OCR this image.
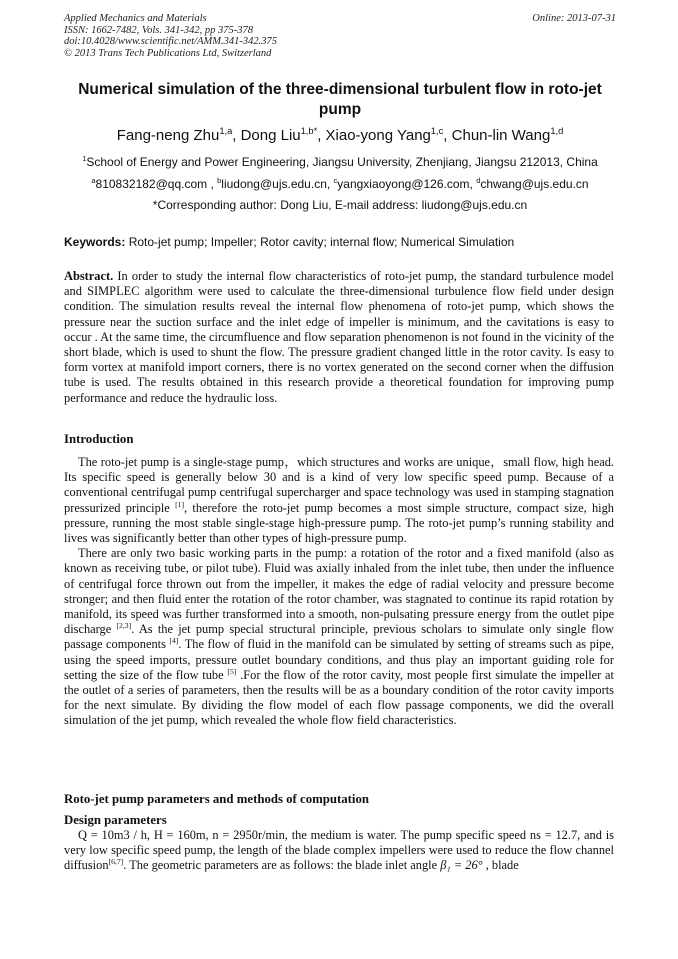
Applied Mechanics and Materials
ISSN: 1662-7482, Vols. 341-342, pp 375-378
doi:10.4028/www.scientific.net/AMM.341-342.375
© 2013 Trans Tech Publications Ltd, Switzerland
Online: 2013-07-31
Numerical simulation of the three-dimensional turbulent flow in roto-jet pump
Fang-neng Zhu$^{1,a}$, Dong Liu$^{1,b*}$, Xiao-yong Yang$^{1,c}$, Chun-lin Wang$^{1,d}$
$^1$School of Energy and Power Engineering, Jiangsu University, Zhenjiang, Jiangsu 212013, China
$^a$810832182@qq.com , $^b$liudong@ujs.edu.cn, $^c$yangxiaoyong@126.com, $^d$chwang@ujs.edu.cn
*Corresponding author: Dong Liu, E-mail address: liudong@ujs.edu.cn
Keywords: Roto-jet pump; Impeller; Rotor cavity; internal flow; Numerical Simulation

Abstract. In order to study the internal flow characteristics of roto-jet pump, the standard turbulence model and SIMPLEC algorithm were used to calculate the three-dimensional turbulence flow field under design condition. The simulation results reveal the internal flow phenomena of roto-jet pump, which shows the pressure near the suction surface and the inlet edge of impeller is minimum, and the cavitations is easy to occur . At the same time, the circumfluence and flow separation phenomenon is not found in the vicinity of the short blade, which is used to shunt the flow. The pressure gradient changed little in the rotor cavity. Is easy to form vortex at manifold import corners, there is no vortex generated on the second corner when the diffusion tube is used. The results obtained in this research provide a theoretical foundation for improving pump performance and reduce the hydraulic loss.

Introduction

The roto-jet pump is a single-stage pump，which structures and works are unique，small flow, high head. Its specific speed is generally below 30 and is a kind of very low specific speed pump. Because of a conventional centrifugal pump centrifugal supercharger and space technology was used in stamping stagnation pressurized principle [1], therefore the roto-jet pump becomes a most simple structure, compact size, high pressure, running the most stable single-stage high-pressure pump. The roto-jet pump’s running stability and lives was significantly better than other types of high-pressure pump.

There are only two basic working parts in the pump: a rotation of the rotor and a fixed manifold (also as known as receiving tube, or pilot tube). Fluid was axially inhaled from the inlet tube, then under the influence of centrifugal force thrown out from the impeller, it makes the edge of radial velocity and pressure become stronger; and then fluid enter the rotation of the rotor chamber, was stagnated to continue its rapid rotation by manifold, its speed was further transformed into a smooth, non-pulsating pressure energy from the outlet pipe discharge [2,3]. As the jet pump special structural principle, previous scholars to simulate only single flow passage components [4]. The flow of fluid in the manifold can be simulated by setting of streams such as pipe, using the speed imports, pressure outlet boundary conditions, and thus play an important guiding role for setting the size of the flow tube [5] .For the flow of the rotor cavity, most people first simulate the impeller at the outlet of a series of parameters, then the results will be as a boundary condition of the rotor cavity imports for the next simulate. By dividing the flow model of each flow passage components, we did the overall simulation of the jet pump, which revealed the whole flow field characteristics.

Roto-jet pump parameters and methods of computation
Design parameters

Q = 10m3 / h, H = 160m, n = 2950r/min, the medium is water. The pump specific speed ns = 12.7, and is very low specific speed pump, the length of the blade complex impellers were used to reduce the flow channel diffusion[6,7]. The geometric parameters are as follows: the blade inlet angle β₁ = 26° , blade
